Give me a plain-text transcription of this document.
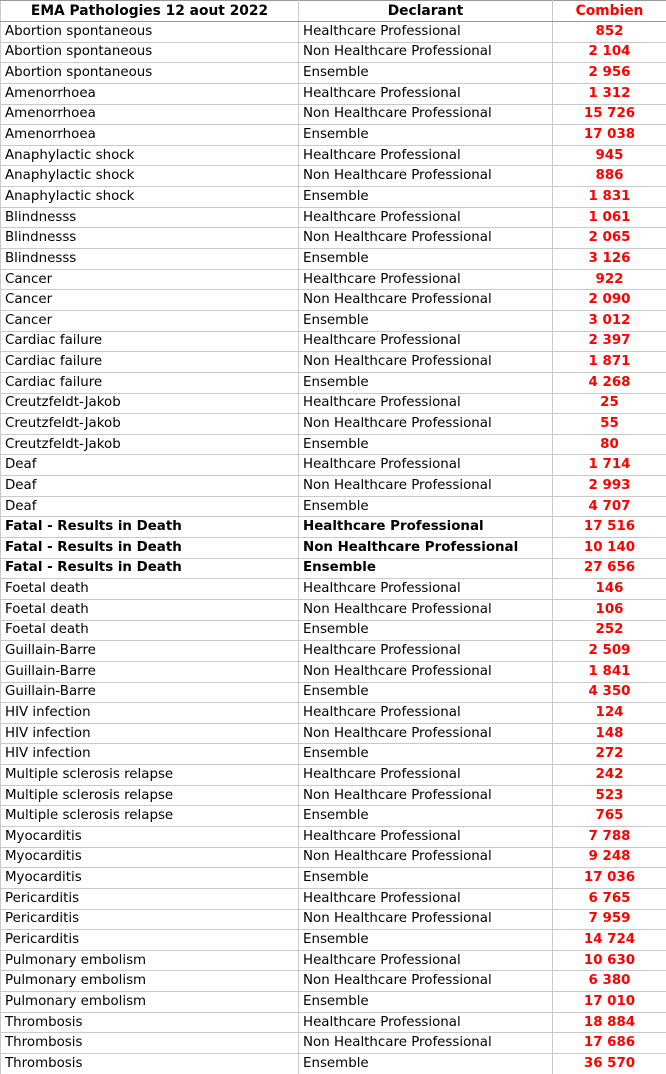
EMA Pathologies 12 aout 2022	Declarant	Combien
Abortion spontaneous	Healthcare Professional	852
Abortion spontaneous	Non Healthcare Professional	2 104
Abortion spontaneous	Ensemble	2 956
Amenorrhoea	Healthcare Professional	1 312
Amenorrhoea	Non Healthcare Professional	15 726
Amenorrhoea	Ensemble	17 038
Anaphylactic shock	Healthcare Professional	945
Anaphylactic shock	Non Healthcare Professional	886
Anaphylactic shock	Ensemble	1 831
Blindnesss	Healthcare Professional	1 061
Blindnesss	Non Healthcare Professional	2 065
Blindnesss	Ensemble	3 126
Cancer	Healthcare Professional	922
Cancer	Non Healthcare Professional	2 090
Cancer	Ensemble	3 012
Cardiac failure	Healthcare Professional	2 397
Cardiac failure	Non Healthcare Professional	1 871
Cardiac failure	Ensemble	4 268
Creutzfeldt-Jakob	Healthcare Professional	25
Creutzfeldt-Jakob	Non Healthcare Professional	55
Creutzfeldt-Jakob	Ensemble	80
Deaf	Healthcare Professional	1 714
Deaf	Non Healthcare Professional	2 993
Deaf	Ensemble	4 707
Fatal - Results in Death	Healthcare Professional	17 516
Fatal - Results in Death	Non Healthcare Professional	10 140
Fatal - Results in Death	Ensemble	27 656
Foetal death	Healthcare Professional	146
Foetal death	Non Healthcare Professional	106
Foetal death	Ensemble	252
Guillain-Barre	Healthcare Professional	2 509
Guillain-Barre	Non Healthcare Professional	1 841
Guillain-Barre	Ensemble	4 350
HIV infection	Healthcare Professional	124
HIV infection	Non Healthcare Professional	148
HIV infection	Ensemble	272
Multiple sclerosis relapse	Healthcare Professional	242
Multiple sclerosis relapse	Non Healthcare Professional	523
Multiple sclerosis relapse	Ensemble	765
Myocarditis	Healthcare Professional	7 788
Myocarditis	Non Healthcare Professional	9 248
Myocarditis	Ensemble	17 036
Pericarditis	Healthcare Professional	6 765
Pericarditis	Non Healthcare Professional	7 959
Pericarditis	Ensemble	14 724
Pulmonary embolism	Healthcare Professional	10 630
Pulmonary embolism	Non Healthcare Professional	6 380
Pulmonary embolism	Ensemble	17 010
Thrombosis	Healthcare Professional	18 884
Thrombosis	Non Healthcare Professional	17 686
Thrombosis	Ensemble	36 570
